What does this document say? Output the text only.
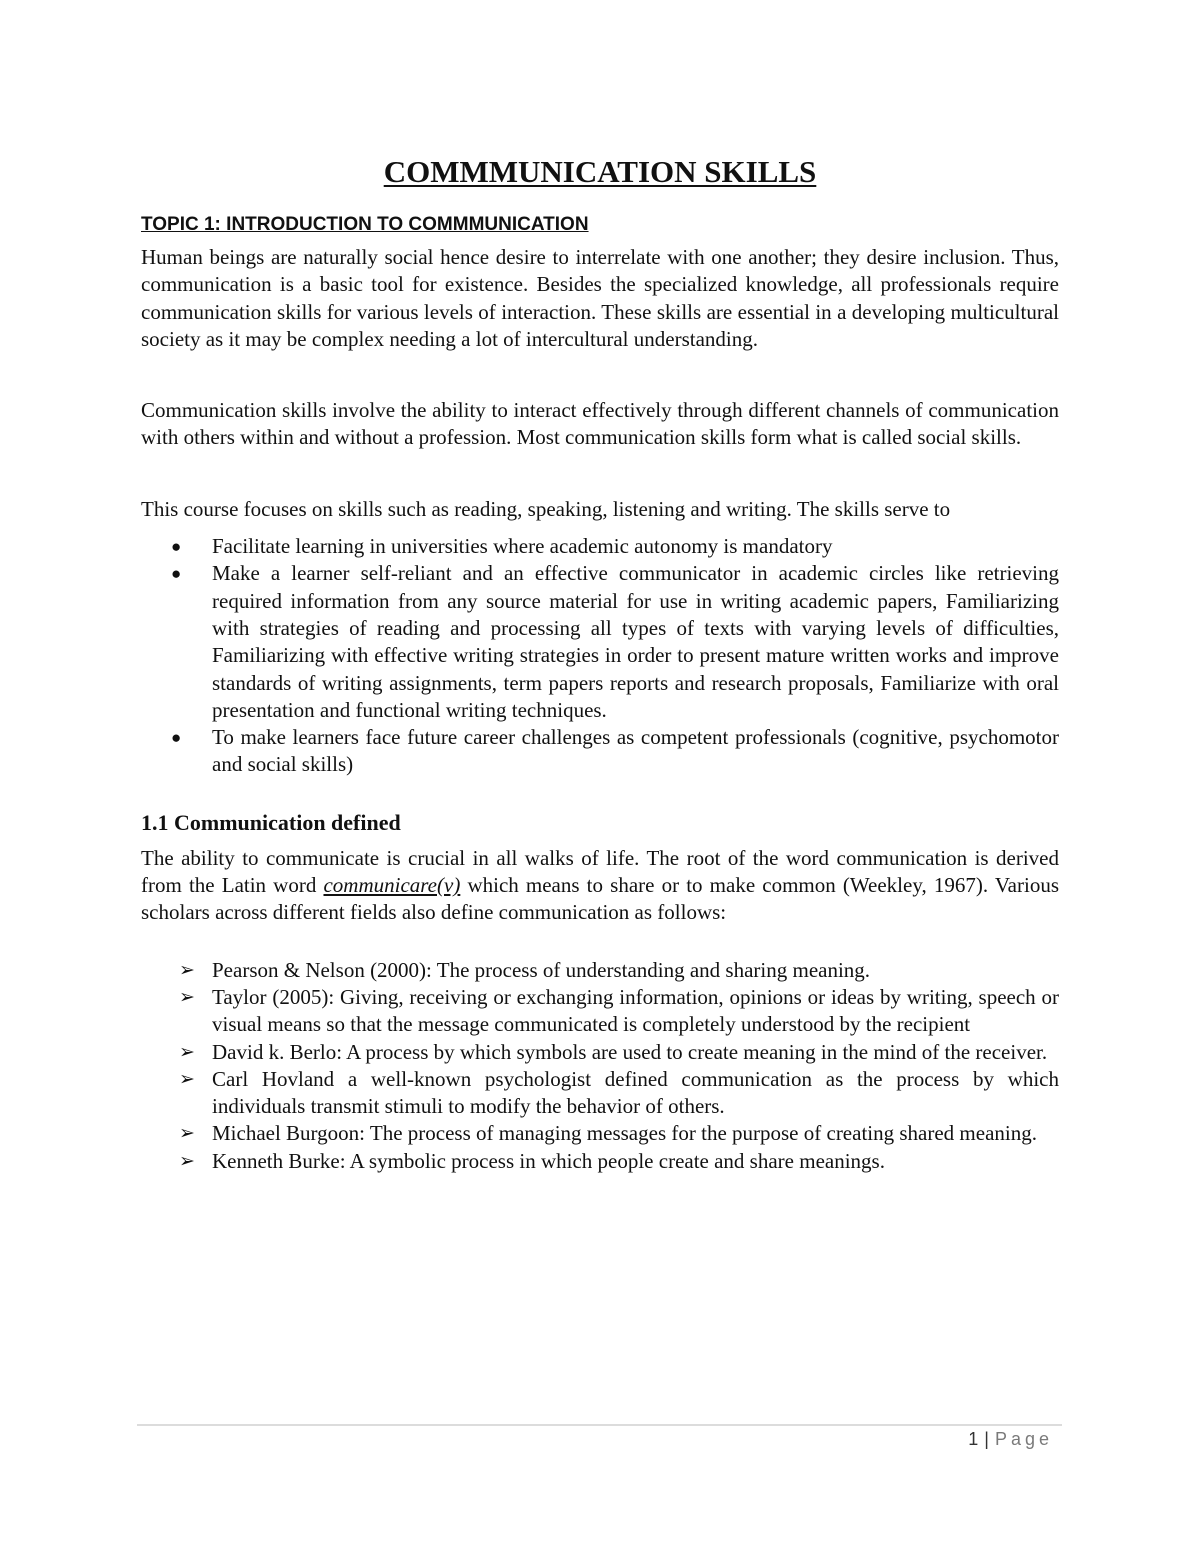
COMMMUNICATION SKILLS
TOPIC 1: INTRODUCTION TO COMMMUNICATION

Human beings are naturally social hence desire to interrelate with one another; they desire inclusion. Thus, communication is a basic tool for existence. Besides the specialized knowledge, all professionals require communication skills for various levels of interaction. These skills are essential in a developing multicultural society as it may be complex needing a lot of intercultural understanding.

Communication skills involve the ability to interact effectively through different channels of communication with others within and without a profession. Most communication skills form what is called social skills.

This course focuses on skills such as reading, speaking, listening and writing. The skills serve to

● Facilitate learning in universities where academic autonomy is mandatory
● Make a learner self-reliant and an effective communicator in academic circles like retrieving required information from any source material for use in writing academic papers, Familiarizing with strategies of reading and processing all types of texts with varying levels of difficulties, Familiarizing with effective writing strategies in order to present mature written works and improve standards of writing assignments, term papers reports and research proposals, Familiarize with oral presentation and functional writing techniques.
● To make learners face future career challenges as competent professionals (cognitive, psychomotor and social skills)
1.1 Communication defined

The ability to communicate is crucial in all walks of life. The root of the word communication is derived from the Latin word communicare(v) which means to share or to make common (Weekley, 1967). Various scholars across different fields also define communication as follows:

➢ Pearson & Nelson (2000): The process of understanding and sharing meaning.
➢ Taylor (2005): Giving, receiving or exchanging information, opinions or ideas by writing, speech or visual means so that the message communicated is completely understood by the recipient
➢ David k. Berlo: A process by which symbols are used to create meaning in the mind of the receiver.
➢ Carl Hovland a well-known psychologist defined communication as the process by which individuals transmit stimuli to modify the behavior of others.
➢ Michael Burgoon: The process of managing messages for the purpose of creating shared meaning.
➢ Kenneth Burke: A symbolic process in which people create and share meanings.
1 | Page
